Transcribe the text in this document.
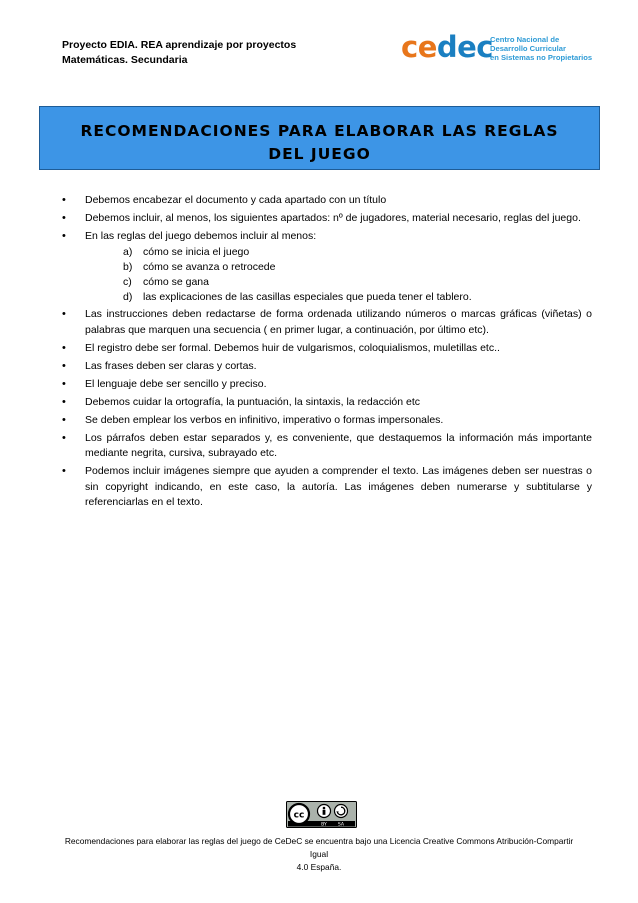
Proyecto EDIA. REA aprendizaje por proyectos
Matemáticas. Secundaria	cedec
Centro Nacional de
Desarrollo Curricular
en Sistemas no Propietarios
RECOMENDACIONES PARA ELABORAR LAS REGLAS DEL JUEGO
• Debemos encabezar el documento y cada apartado con un título
• Debemos incluir, al menos, los siguientes apartados: nº de jugadores, material necesario, reglas del juego.
• En las reglas del juego debemos incluir al menos:
a) cómo se inicia el juego
b) cómo se avanza o retrocede
c) cómo se gana
d) las explicaciones de las casillas especiales que pueda tener el tablero.
• Las instrucciones deben redactarse de forma ordenada utilizando números o marcas gráficas (viñetas) o palabras que marquen una secuencia ( en primer lugar, a continuación, por último etc).
• El registro debe ser formal. Debemos huir de vulgarismos, coloquialismos, muletillas etc..
• Las frases deben ser claras y cortas.
• El lenguaje debe ser sencillo y preciso.
• Debemos cuidar la ortografía, la puntuación, la sintaxis, la redacción etc
• Se deben emplear los verbos en infinitivo, imperativo o formas impersonales.
• Los párrafos deben estar separados y, es conveniente, que destaquemos la información más importante mediante negrita, cursiva, subrayado etc.
• Podemos incluir imágenes siempre que ayuden a comprender el texto. Las imágenes deben ser nuestras o sin copyright indicando, en este caso, la autoría. Las imágenes deben numerarse y subtitularse y referenciarlas en el texto.
cc
BY SA
Recomendaciones para elaborar las reglas del juego de CeDeC se encuentra bajo una Licencia Creative Commons Atribución-Compartir Igual
4.0 España.
